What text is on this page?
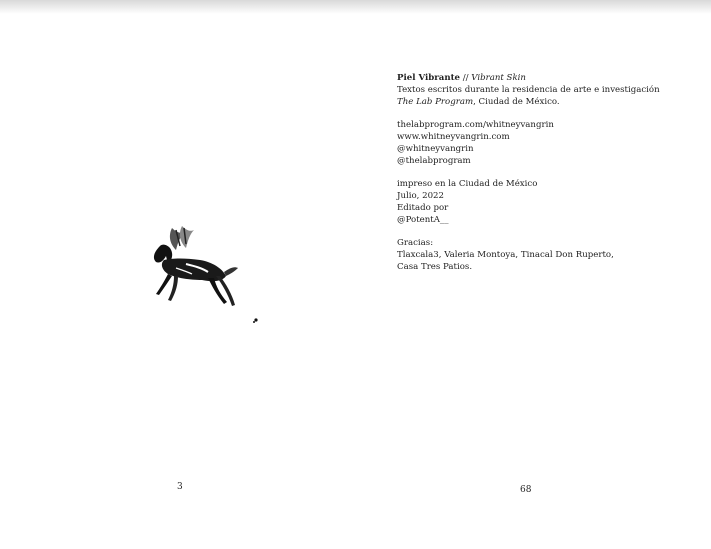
Piel Vibrante // Vibrant Skin
Textos escritos durante la residencia de arte e investigación
The Lab Program, Ciudad de México.
thelabprogram.com/whitneyvangrin
www.whitneyvangrin.com
@whitneyvangrin
@thelabprogram
impreso en la Ciudad de México
Julio, 2022
Editado por
@PotentA__
Gracias:
Tlaxcala3, Valeria Montoya, Tinacal Don Ruperto, Casa Tres Patios.
3	68
